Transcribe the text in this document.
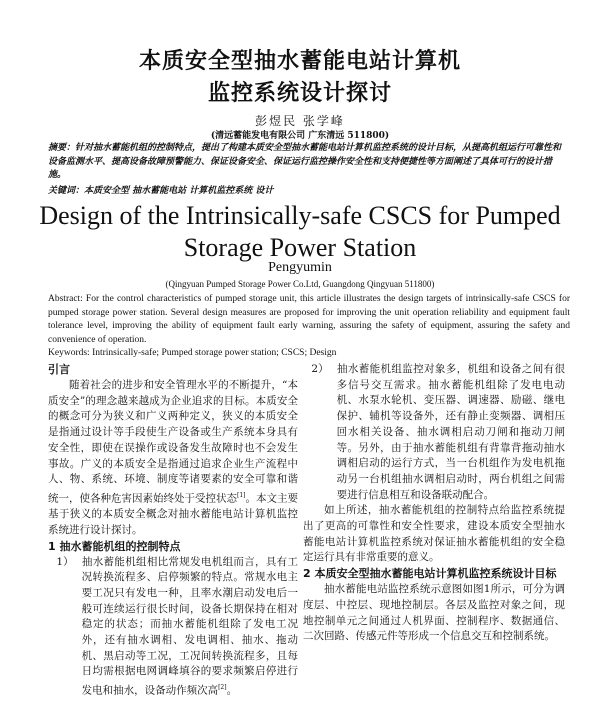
本质安全型抽水蓄能电站计算机
监控系统设计探讨
彭煜民 张学峰
(清远蓄能发电有限公司 广东清远 511800)
摘要：针对抽水蓄能机组的控制特点，提出了构建本质安全型抽水蓄能电站计算机监控系统的设计目标，从提高机组运行可靠性和设备监测水平、提高设备故障预警能力、保证设备安全、保证运行监控操作安全性和支持便捷性等方面阐述了具体可行的设计措施。
关键词：本质安全型 抽水蓄能电站 计算机监控系统 设计
Design of the Intrinsically-safe CSCS for Pumped
Storage Power Station
Pengyumin
(Qingyuan Pumped Storage Power Co.Ltd, Guangdong Qingyuan 511800)
Abstract: For the control characteristics of pumped storage unit, this article illustrates the design targets of intrinsically-safe CSCS for pumped storage power station. Several design measures are proposed for improving the unit operation reliability and equipment fault tolerance level, improving the ability of equipment fault early warning, assuring the safety of equipment, assuring the safety and convenience of operation.
Keywords: Intrinsically-safe; Pumped storage power station; CSCS; Design

引言

随着社会的进步和安全管理水平的不断提升，“本质安全”的理念越来越成为企业追求的目标。本质安全的概念可分为狭义和广义两种定义，狭义的本质安全是指通过设计等手段使生产设备或生产系统本身具有安全性，即使在误操作或设备发生故障时也不会发生事故。广义的本质安全是指通过追求企业生产流程中人、物、系统、环境、制度等诸要素的安全可靠和谐统一，使各种危害因素始终处于受控状态[1]。本文主要基于狭义的本质安全概念对抽水蓄能电站计算机监控系统进行设计探讨。

1 抽水蓄能机组的控制特点

1） 抽水蓄能机组相比常规发电机组而言，具有工况转换流程多、启停频繁的特点。常规水电主要工况只有发电一种，且率水潮启动发电后一般可连续运行很长时间，设备长期保持在相对稳定的状态；而抽水蓄能机组除了发电工况外，还有抽水调相、发电调相、抽水、拖动机、黑启动等工况，工况间转换流程多，且每日均需根据电网调峰填谷的要求频繁启停进行发电和抽水，设备动作频次高[2]。

2） 抽水蓄能机组监控对象多，机组和设备之间有很多信号交互需求。抽水蓄能机组除了发电电动机、水泵水轮机、变压器、调速器、励磁、继电保护、辅机等设备外，还有静止变频器、调相压回水相关设备、抽水调相启动刀闸和拖动刀闸等。另外，由于抽水蓄能机组有背靠背拖动抽水调相启动的运行方式，当一台机组作为发电机拖动另一台机组抽水调相启动时，两台机组之间需要进行信息相互和设备联动配合。

如上所述，抽水蓄能机组的控制特点给监控系统提出了更高的可靠性和安全性要求，建设本质安全型抽水蓄能电站计算机监控系统对保证抽水蓄能机组的安全稳定运行具有非常重要的意义。

2 本质安全型抽水蓄能电站计算机监控系统设计目标

抽水蓄能电站监控系统示意图如图1所示，可分为调度层、中控层、现地控制层。各层及监控对象之间，现地控制单元之间通过人机界面、控制程序、数据通信、二次回路、传感元件等形成一个信息交互和控制系统。
